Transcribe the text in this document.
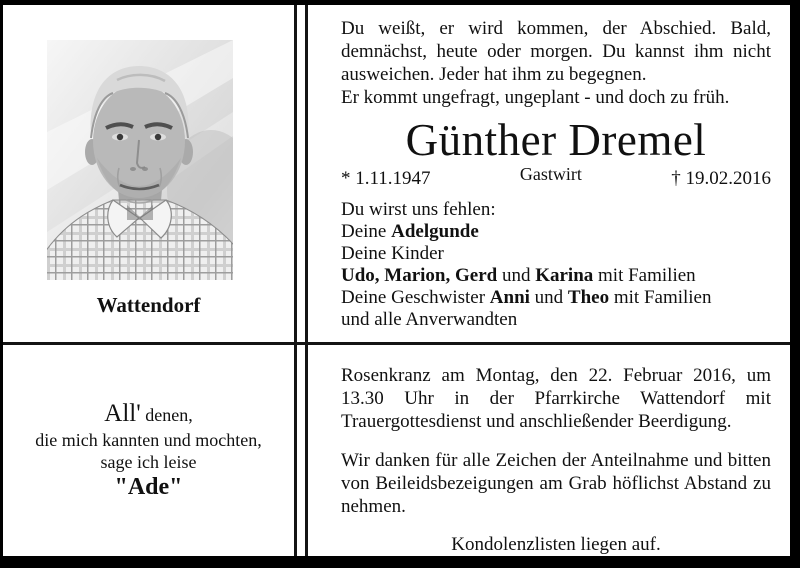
Wattendorf

Du weißt, er wird kommen, der Abschied. Bald, demnächst, heute oder morgen. Du kannst ihm nicht ausweichen. Jeder hat ihm zu begegnen.

Er kommt ungefragt, ungeplant - und doch zu früh.

Günther Dremel
* 1.11.1947	Gastwirt	† 19.02.2016
Du wirst uns fehlen:
Deine Adelgunde
Deine Kinder
Udo, Marion, Gerd und Karina mit Familien
Deine Geschwister Anni und Theo mit Familien
und alle Anverwandten
All' denen,
die mich kannten und mochten,
sage ich leise
"Ade"

Rosenkranz am Montag, den 22. Februar 2016, um 13.30 Uhr in der Pfarrkirche Wattendorf mit Trauergottesdienst und anschließender Beerdigung.

Wir danken für alle Zeichen der Anteilnahme und bitten von Beileidsbezeigungen am Grab höflichst Abstand zu nehmen.

Kondolenzlisten liegen auf.
